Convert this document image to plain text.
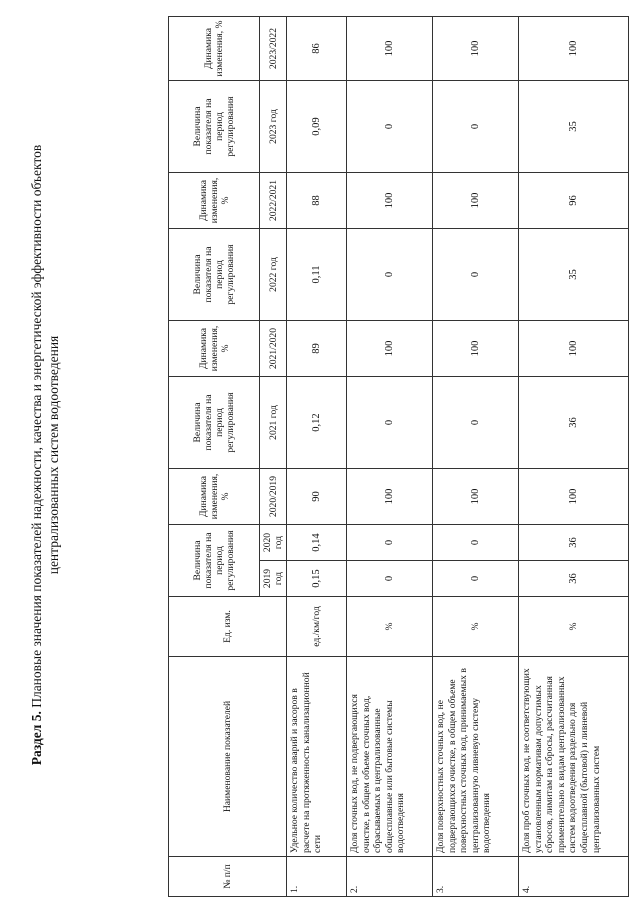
Раздел 5. Плановые значения показателей надежности, качества и энергетической эффективности объектов централизованных систем водоотведения
№ п/п	Наименование показателей	Ед. изм.	Величина показателя на период регулирования		Динамика изменения, %	Величина показателя на период регулирования	Динамика изменения, %	Величина показателя на период регулирования	Динамика изменения, %	Величина показателя на период регулирования	Динамика изменения, %
			2019 год	2020 год	2020/2019	2021 год	2021/2020	2022 год	2022/2021	2023 год	2023/2022
1.	Удельное количество аварий и засоров в расчете на протяженность канализационной сети	ед./км/год	0,15	0,14	90	0,12	89	0,11	88	0,09	86
2.	Доля сточных вод, не подвергающихся очистке, в общем объеме сточных вод, сбрасываемых в централизованные общесплавные или бытовые системы водоотведения	%	0	0	100	0	100	0	100	0	100
3.	Доля поверхностных сточных вод, не подвергающихся очистке, в общем объеме поверхностных сточных вод, принимаемых в централизованную ливневую систему водоотведения	%	0	0	100	0	100	0	100	0	100
4.	Доля проб сточных вод, не соответствующих установленным нормативам допустимых сбросов, лимитам на сбросы, рассчитанная применительно к видам централизованных систем водоотведения раздельно для общесплавной (бытовой) и ливневой централизованных систем	%	36	36	100	36	100	35	96	35	100
